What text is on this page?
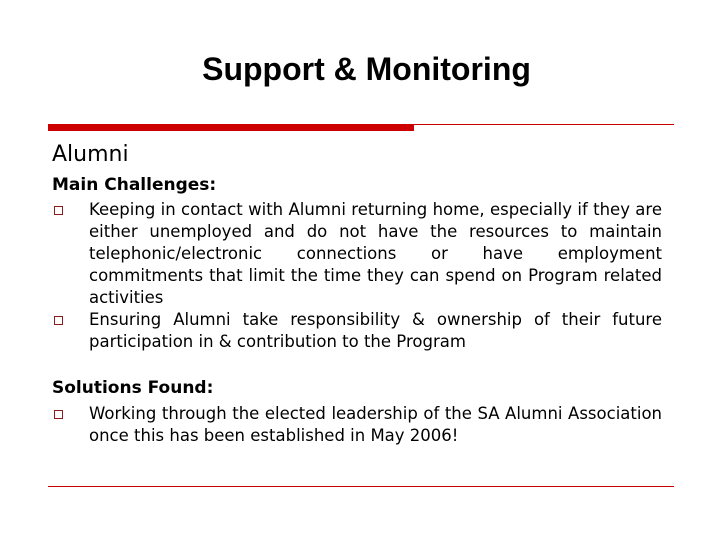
Support & Monitoring
Alumni
Main Challenges:
Keeping in contact with Alumni returning home, especially if they are either unemployed and do not have the resources to maintain telephonic/electronic connections or have employment commitments that limit the time they can spend on Program related activities
Ensuring Alumni take responsibility & ownership of their future participation in & contribution to the Program
Solutions Found:
Working through the elected leadership of the SA Alumni Association once this has been established in May 2006!
